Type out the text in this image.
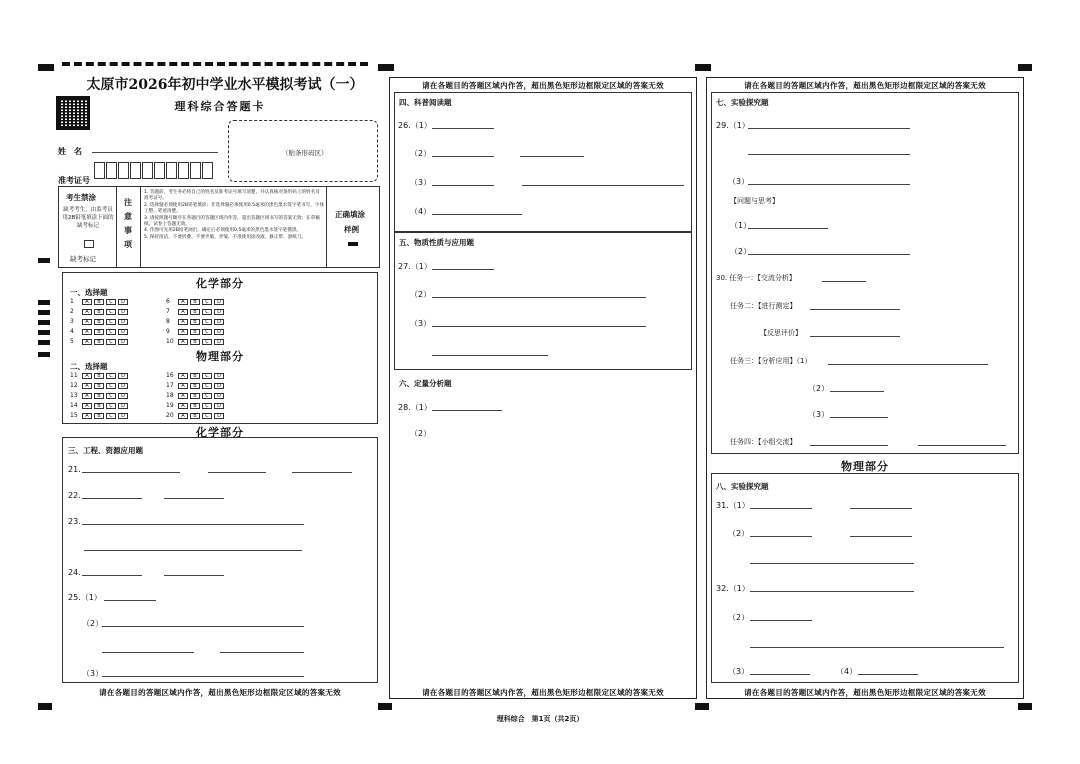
太原市2026年初中学业水平模拟考试（一）
理科综合答题卡
姓　名	（贴条形码区）
准考证号
考生禁涂
缺考考生，由监考员用2B铅笔填涂下面的缺考标记
缺考标记
注意事项
1. 答题前，考生务必将自己的姓名及准考证号填写清楚，并认真核对条形码上的姓名及准考证号。
2. 选择题必须使用2B铅笔填涂；非选择题必须使用0.5毫米的黑色墨水签字笔书写，字体工整、笔迹清楚。
3. 请按照题号顺序在各题目的答题区域内作答，超出答题区域书写的答案无效；在草稿纸、试卷上答题无效。
4. 作图可先用2B铅笔画出，确定后必须使用0.5毫米的黑色墨水签字笔描黑。
5. 保持清洁，不要折叠、不要弄破、弄皱，不准使用涂改液、修正带、刮纸刀。
正确填涂
样例
化学部分
一、选择题
1 A B C D
2 A B C D
3 A B C D
4 A B C D
5 A B C D
6 A B C D
7 A B C D
8 A B C D
9 A B C D
10 A B C D
物理部分
二、选择题
11 A B C D
12 A B C D
13 A B C D
14 A B C D
15 A B C D
16 A B C D
17 A B C D
18 A B C D
19 A B C D
20 A B C D
化学部分
三、工程、资源应用题
21.
22.
23.
24.
25.（1）
（2）
（3）
请在各题目的答题区域内作答，超出黑色矩形边框限定区域的答案无效
请在各题目的答题区域内作答，超出黑色矩形边框限定区域的答案无效
四、科普阅读题
26.（1）
（2）
（3）
（4）
五、物质性质与应用题
27.（1）
（2）
（3）
六、定量分析题
28.（1）
（2）
请在各题目的答题区域内作答，超出黑色矩形边框限定区域的答案无效
请在各题目的答题区域内作答，超出黑色矩形边框限定区域的答案无效
七、实验探究题
29.（1）
（3）
【问题与思考】
（1）
（2）
30. 任务一：【交流分析】
任务二：【进行测定】
【反思评价】
任务三：【分析应用】（1）
（2）
（3）
任务四：【小组交流】
物理部分
八、实验探究题
31.（1）
（2）
32.（1）
（2）
（3）	（4）
请在各题目的答题区域内作答，超出黑色矩形边框限定区域的答案无效
理科综合　第1页（共2页）
